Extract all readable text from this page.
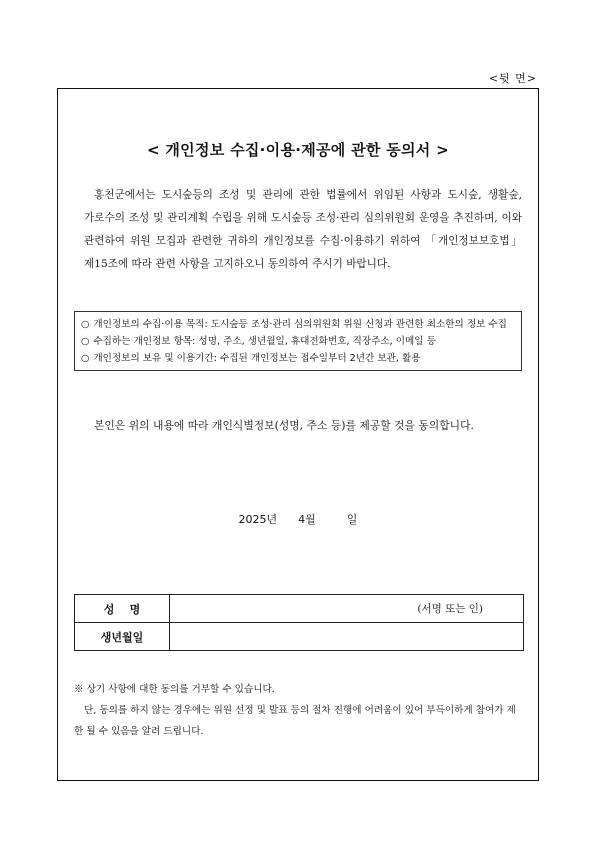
<뒷 면>
< 개인정보 수집·이용·제공에 관한 동의서 >

홍천군에서는 도시숲등의 조성 및 관리에 관한 법률에서 위임된 사항과 도시숲, 생활숲, 가로수의 조성 및 관리계획 수립을 위해 도시숲등 조성·관리 심의위원회 운영을 추진하며, 이와 관련하여 위원 모집과 관련한 귀하의 개인정보를 수집·이용하기 위하여 「개인정보보호법」 제15조에 따라 관련 사항을 고지하오니 동의하여 주시기 바랍니다.

○ 개인정보의 수집·이용 목적: 도시숲등 조성·관리 심의위원회 위원 신청과 관련한 최소한의 정보 수집
○ 수집하는 개인정보 항목: 성명, 주소, 생년월일, 휴대전화번호, 직장주소, 이메일 등
○ 개인정보의 보유 및 이용기간: 수집된 개인정보는 접수일부터 2년간 보관, 활용

본인은 위의 내용에 따라 개인식별정보(성명, 주소 등)를 제공할 것을 동의합니다.

2025년 4월	일
성    명	(서명 또는 인)
생년월일	

※ 상기 사항에 대한 동의를 거부할 수 있습니다.

단, 동의를 하지 않는 경우에는 위원 선정 및 발표 등의 절차 진행에 어려움이 있어 부득이하게 참여가 제한 될 수 있음을 알려 드립니다.
